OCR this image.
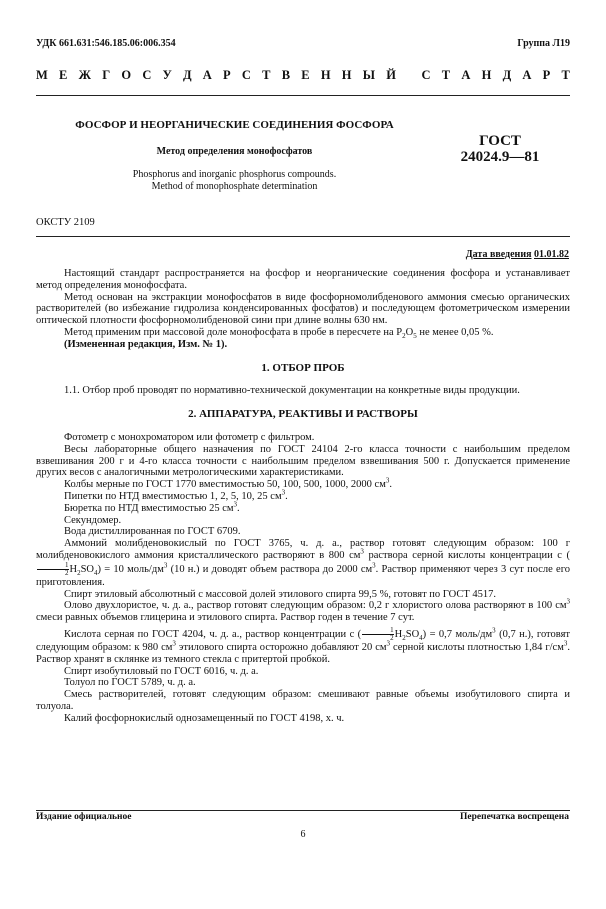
УДК 661.631:546.185.06:006.354	Группа Л19
М Е Ж Г О С У Д А Р С Т В Е Н Н Ы Й
С Т А Н Д А Р Т
ФОСФОР И НЕОРГАНИЧЕСКИЕ СОЕДИНЕНИЯ ФОСФОРА
Метод определения монофосфатов
Phosphorus and inorganic phosphorus compounds.
Method of monophosphate determination
ГОСТ
24024.9—81
ОКСТУ 2109
Дата введения 01.01.82

Настоящий стандарт распространяется на фосфор и неорганические соединения фосфора и устанавливает метод определения монофосфата.

Метод основан на экстракции монофосфатов в виде фосфорномолибденового аммония смесью органических растворителей (во избежание гидролиза конденсированных фосфатов) и последующем фотометрическом измерении оптической плотности фосфорномолибденовой сини при длине волны 630 нм.

Метод применим при массовой доле монофосфата в пробе в пересчете на $P_2O_5$ не менее 0,05 %.

(Измененная редакция, Изм. № 1).

1. ОТБОР ПРОБ

1.1. Отбор проб проводят по нормативно-технической документации на конкретные виды продукции.

2. АППАРАТУРА, РЕАКТИВЫ И РАСТВОРЫ

Фотометр с монохроматором или фотометр с фильтром.

Весы лабораторные общего назначения по ГОСТ 24104 2-го класса точности с наибольшим пределом взвешивания 200 г и 4-го класса точности с наибольшим пределом взвешивания 500 г. Допускается применение других весов с аналогичными метрологическими характеристиками.

Колбы мерные по ГОСТ 1770 вместимостью 50, 100, 500, 1000, 2000 $см^3$.

Пипетки по НТД вместимостью 1, 2, 5, 10, 25 $см^3$.

Бюретка по НТД вместимостью 25 $см^3$.

Секундомер.

Вода дистиллированная по ГОСТ 6709.

Аммоний молибденовокислый по ГОСТ 3765, ч. д. а., раствор готовят следующим образом: 100 г молибденовокислого аммония кристаллического растворяют в 800 $см^3$ раствора серной кислоты концентрации c (
$\frac{1}{2} H_2SO_4) = 10$ моль/$дм^3$ (10 н.) и доводят объем раствора до 2000 $см^3$. Раствор применяют через 3 сут после его приготовления.

Спирт этиловый абсолютный с массовой долей этилового спирта 99,5 %, готовят по ГОСТ 4517.

Олово двухлористое, ч. д. а., раствор готовят следующим образом: 0,2 г хлористого олова растворяют в 100 $см^3$ смеси равных объемов глицерина и этилового спирта. Раствор годен в течение 7 сут.

Кислота серная по ГОСТ 4204, ч. д. а., раствор концентрации c ( $\frac{1}{2} H_2SO_4) = 0,7$ моль/$дм^3$ (0,7 н.), готовят следующим образом: к 980 $см^3$ этилового спирта осторожно добавляют 20 $см^3$ серной кислоты плотностью 1,84 $г/см^3$. Раствор хранят в склянке из темного стекла с притертой пробкой.

Спирт изобутиловый по ГОСТ 6016, ч. д. а.

Толуол по ГОСТ 5789, ч. д. а.

Смесь растворителей, готовят следующим образом: смешивают равные объемы изобутилового спирта и толуола.

Калий фосфорнокислый однозамещенный по ГОСТ 4198, х. ч.

Издание официальное	Перепечатка воспрещена
6
